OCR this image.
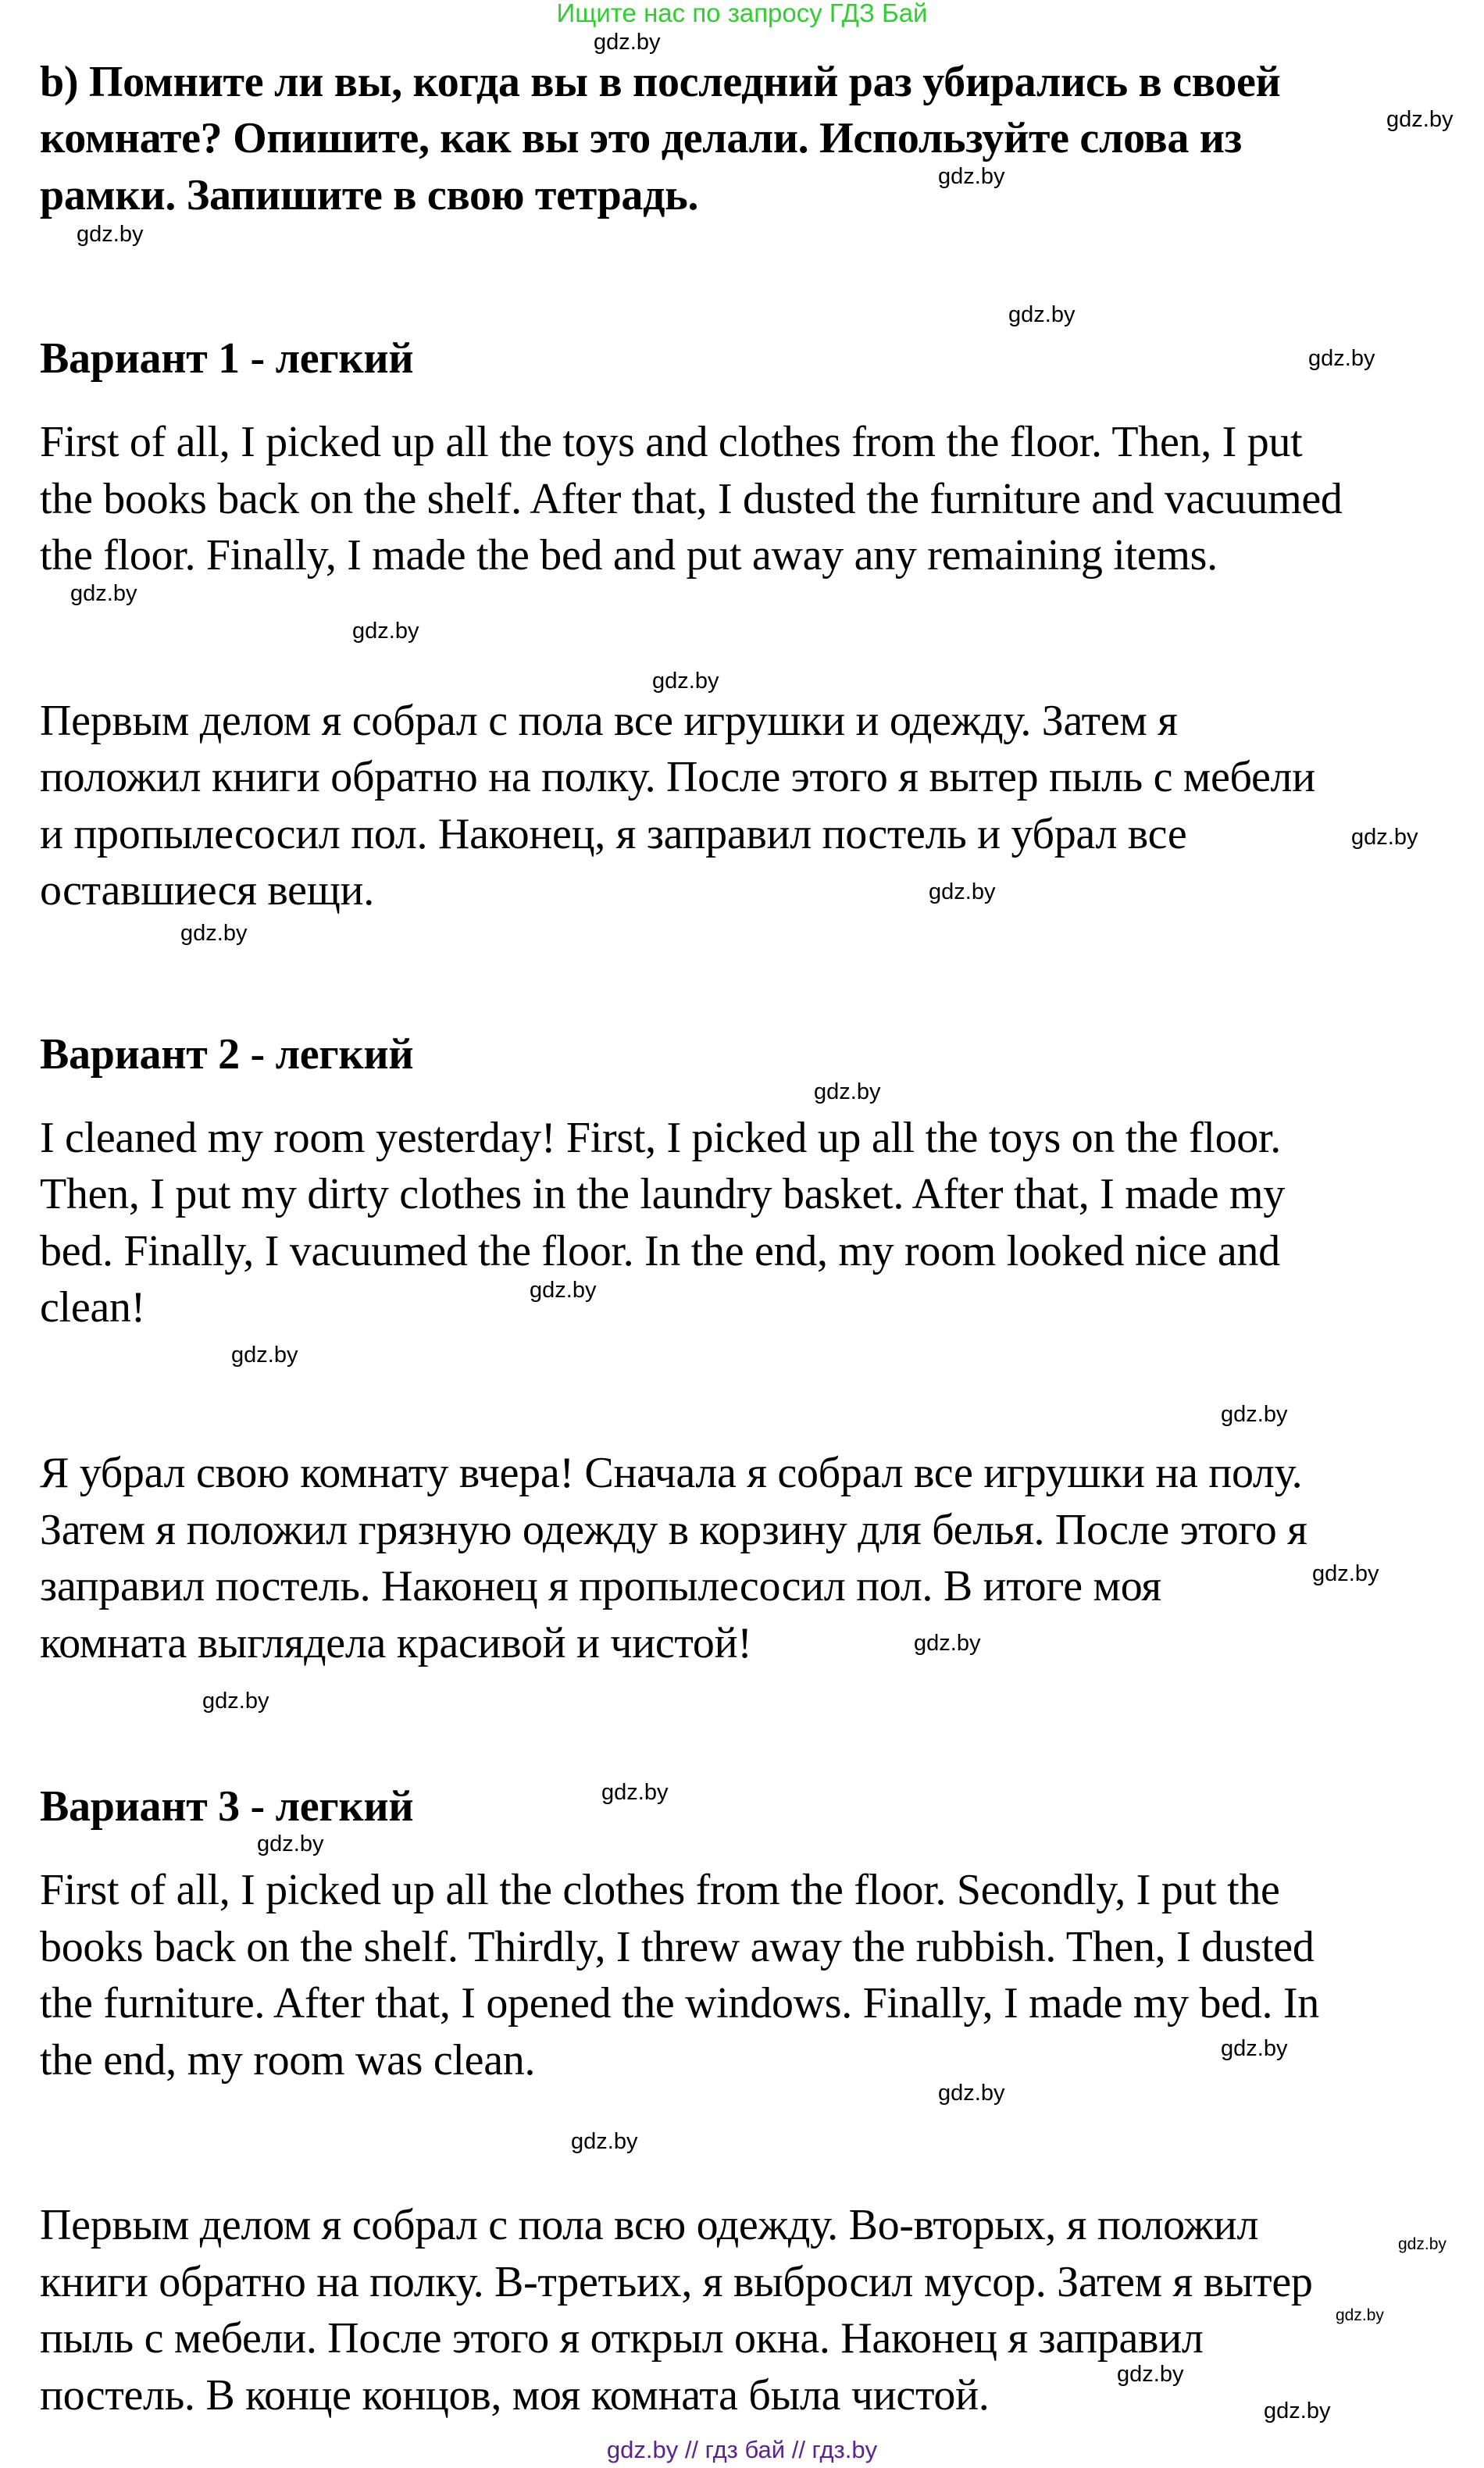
Ищите нас по запросу ГДЗ Бай
gdz.by // гдз бай // гдз.by
b) Помните ли вы, когда вы в последний раз убирались в своей
комнате? Опишите, как вы это делали. Используйте слова из
рамки. Запишите в свою тетрадь.
Вариант 1 - легкий
First of all, I picked up all the toys and clothes from the floor. Then, I put
the books back on the shelf. After that, I dusted the furniture and vacuumed
the floor. Finally, I made the bed and put away any remaining items.
Первым делом я собрал с пола все игрушки и одежду. Затем я
положил книги обратно на полку. После этого я вытер пыль с мебели
и пропылесосил пол. Наконец, я заправил постель и убрал все
оставшиеся вещи.
Вариант 2 - легкий
I cleaned my room yesterday! First, I picked up all the toys on the floor.
Then, I put my dirty clothes in the laundry basket. After that, I made my
bed. Finally, I vacuumed the floor. In the end, my room looked nice and
clean!
Я убрал свою комнату вчера! Сначала я собрал все игрушки на полу.
Затем я положил грязную одежду в корзину для белья. После этого я
заправил постель. Наконец я пропылесосил пол. В итоге моя
комната выглядела красивой и чистой!
Вариант 3 - легкий
First of all, I picked up all the clothes from the floor. Secondly, I put the
books back on the shelf. Thirdly, I threw away the rubbish. Then, I dusted
the furniture. After that, I opened the windows. Finally, I made my bed. In
the end, my room was clean.
Первым делом я собрал с пола всю одежду. Во-вторых, я положил
книги обратно на полку. В-третьих, я выбросил мусор. Затем я вытер
пыль с мебели. После этого я открыл окна. Наконец я заправил
постель. В конце концов, моя комната была чистой.
gdz.by
gdz.by
gdz.by
gdz.by
gdz.by
gdz.by
gdz.by
gdz.by
gdz.by
gdz.by
gdz.by
gdz.by
gdz.by
gdz.by
gdz.by
gdz.by
gdz.by
gdz.by
gdz.by
gdz.by
gdz.by
gdz.by
gdz.by
gdz.by
gdz.by
gdz.by
gdz.by
gdz.by
